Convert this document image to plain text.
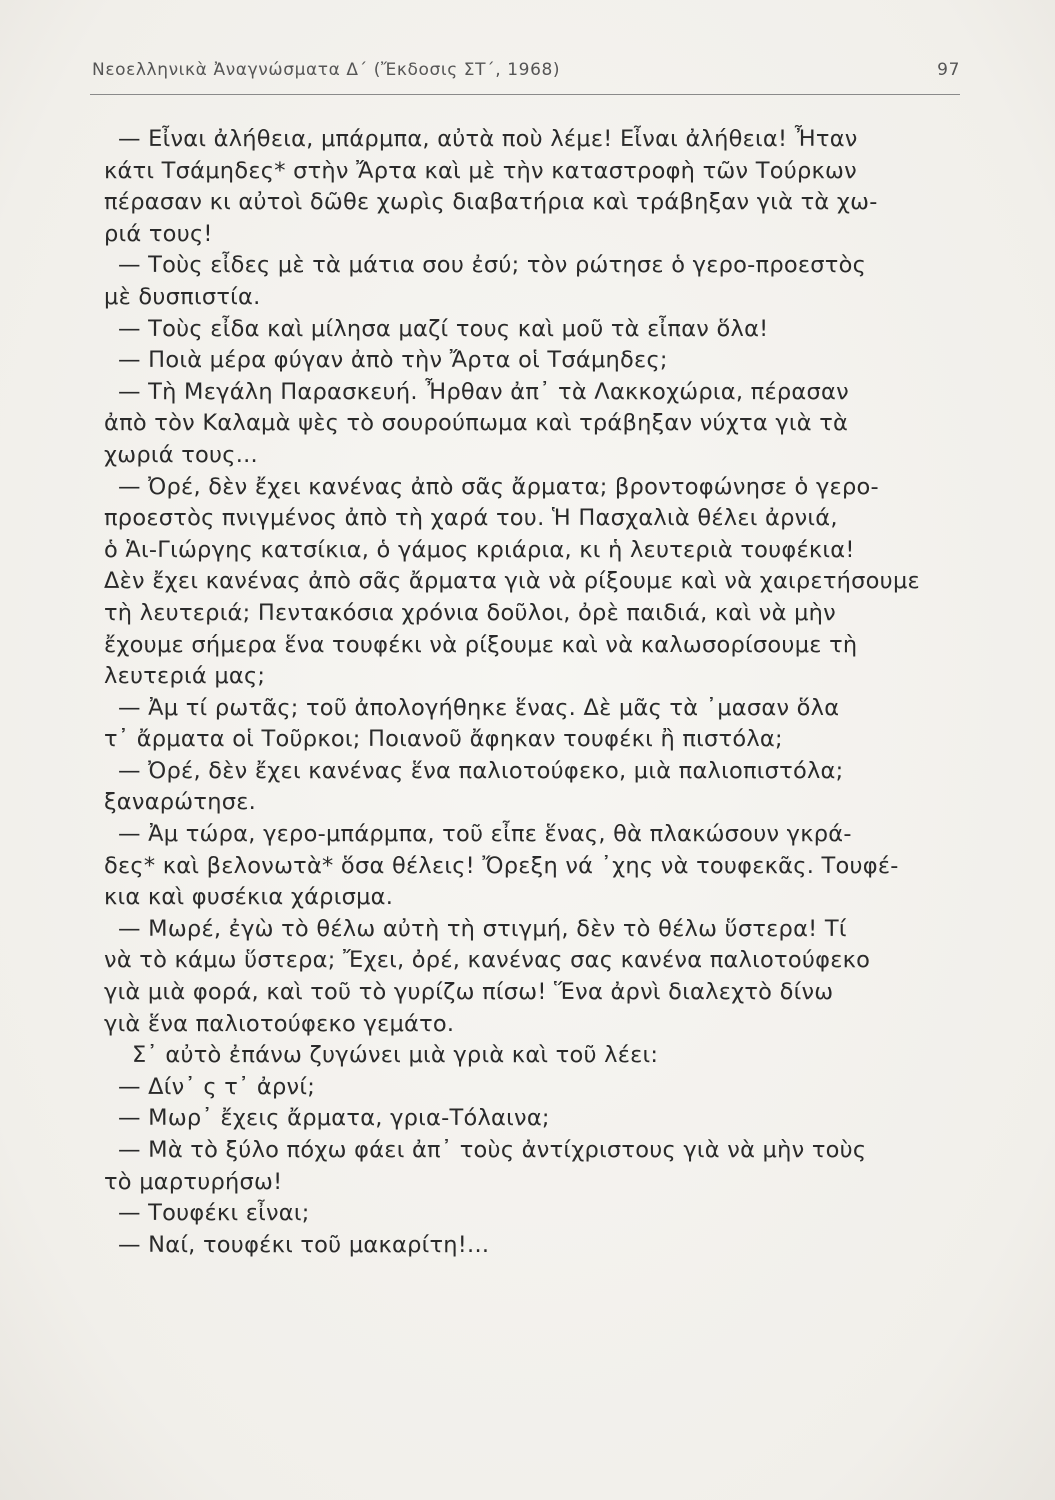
Νεοελληνικὰ Ἀναγνώσματα Δ΄ (Ἔκδοσις ΣΤ΄, 1968)	97
— Εἶναι ἀλήθεια, μπάρμπα, αὐτὰ ποὺ λέμε! Εἶναι ἀλήθεια! Ἦταν
κάτι Τσάμηδες* στὴν Ἄρτα καὶ μὲ τὴν καταστροφὴ τῶν Τούρκων
πέρασαν κι αὐτοὶ δῶθε χωρὶς διαβατήρια καὶ τράβηξαν γιὰ τὰ χω-
ριά τους!
— Τοὺς εἶδες μὲ τὰ μάτια σου ἐσύ; τὸν ρώτησε ὁ γερο-προεστὸς
μὲ δυσπιστία.
— Τοὺς εἶδα καὶ μίλησα μαζί τους καὶ μοῦ τὰ εἶπαν ὅλα!
— Ποιὰ μέρα φύγαν ἀπὸ τὴν Ἄρτα οἱ Τσάμηδες;
— Τὴ Μεγάλη Παρασκευή. Ἦρθαν ἀπ᾽ τὰ Λακκοχώρια, πέρασαν
ἀπὸ τὸν Καλαμὰ ψὲς τὸ σουρούπωμα καὶ τράβηξαν νύχτα γιὰ τὰ
χωριά τους...
— Ὀρέ, δὲν ἔχει κανένας ἀπὸ σᾶς ἄρματα; βροντοφώνησε ὁ γερο-
προεστὸς πνιγμένος ἀπὸ τὴ χαρά του. Ἡ Πασχαλιὰ θέλει ἀρνιά,
ὁ Ἁι-Γιώργης κατσίκια, ὁ γάμος κριάρια, κι ἡ λευτεριὰ τουφέκια!
Δὲν ἔχει κανένας ἀπὸ σᾶς ἄρματα γιὰ νὰ ρίξουμε καὶ νὰ χαιρετήσουμε
τὴ λευτεριά; Πεντακόσια χρόνια δοῦλοι, ὀρὲ παιδιά, καὶ νὰ μὴν
ἔχουμε σήμερα ἕνα τουφέκι νὰ ρίξουμε καὶ νὰ καλωσορίσουμε τὴ
λευτεριά μας;
— Ἀμ τί ρωτᾶς; τοῦ ἀπολογήθηκε ἕνας. Δὲ μᾶς τὰ ᾽μασαν ὅλα
τ᾽ ἄρματα οἱ Τοῦρκοι; Ποιανοῦ ἄφηκαν τουφέκι ἢ πιστόλα;
— Ὀρέ, δὲν ἔχει κανένας ἕνα παλιοτούφεκο, μιὰ παλιοπιστόλα;
ξαναρώτησε.
— Ἀμ τώρα, γερο-μπάρμπα, τοῦ εἶπε ἕνας, θὰ πλακώσουν γκρά-
δες* καὶ βελονωτὰ* ὅσα θέλεις! Ὄρεξη νά ᾽χης νὰ τουφεκᾶς. Τουφέ-
κια καὶ φυσέκια χάρισμα.
— Μωρέ, ἐγὼ τὸ θέλω αὐτὴ τὴ στιγμή, δὲν τὸ θέλω ὕστερα! Τί
νὰ τὸ κάμω ὕστερα; Ἔχει, ὀρέ, κανένας σας κανένα παλιοτούφεκο
γιὰ μιὰ φορά, καὶ τοῦ τὸ γυρίζω πίσω! Ἕνα ἀρνὶ διαλεχτὸ δίνω
γιὰ ἕνα παλιοτούφεκο γεμάτο.
Σ᾽ αὐτὸ ἐπάνω ζυγώνει μιὰ γριὰ καὶ τοῦ λέει:
— Δίν᾽ ς τ᾽ ἀρνί;
— Μωρ᾽ ἔχεις ἄρματα, γρια-Τόλαινα;
— Μὰ τὸ ξύλο πόχω φάει ἀπ᾽ τοὺς ἀντίχριστους γιὰ νὰ μὴν τοὺς
τὸ μαρτυρήσω!
— Τουφέκι εἶναι;
— Ναί, τουφέκι τοῦ μακαρίτη!...
